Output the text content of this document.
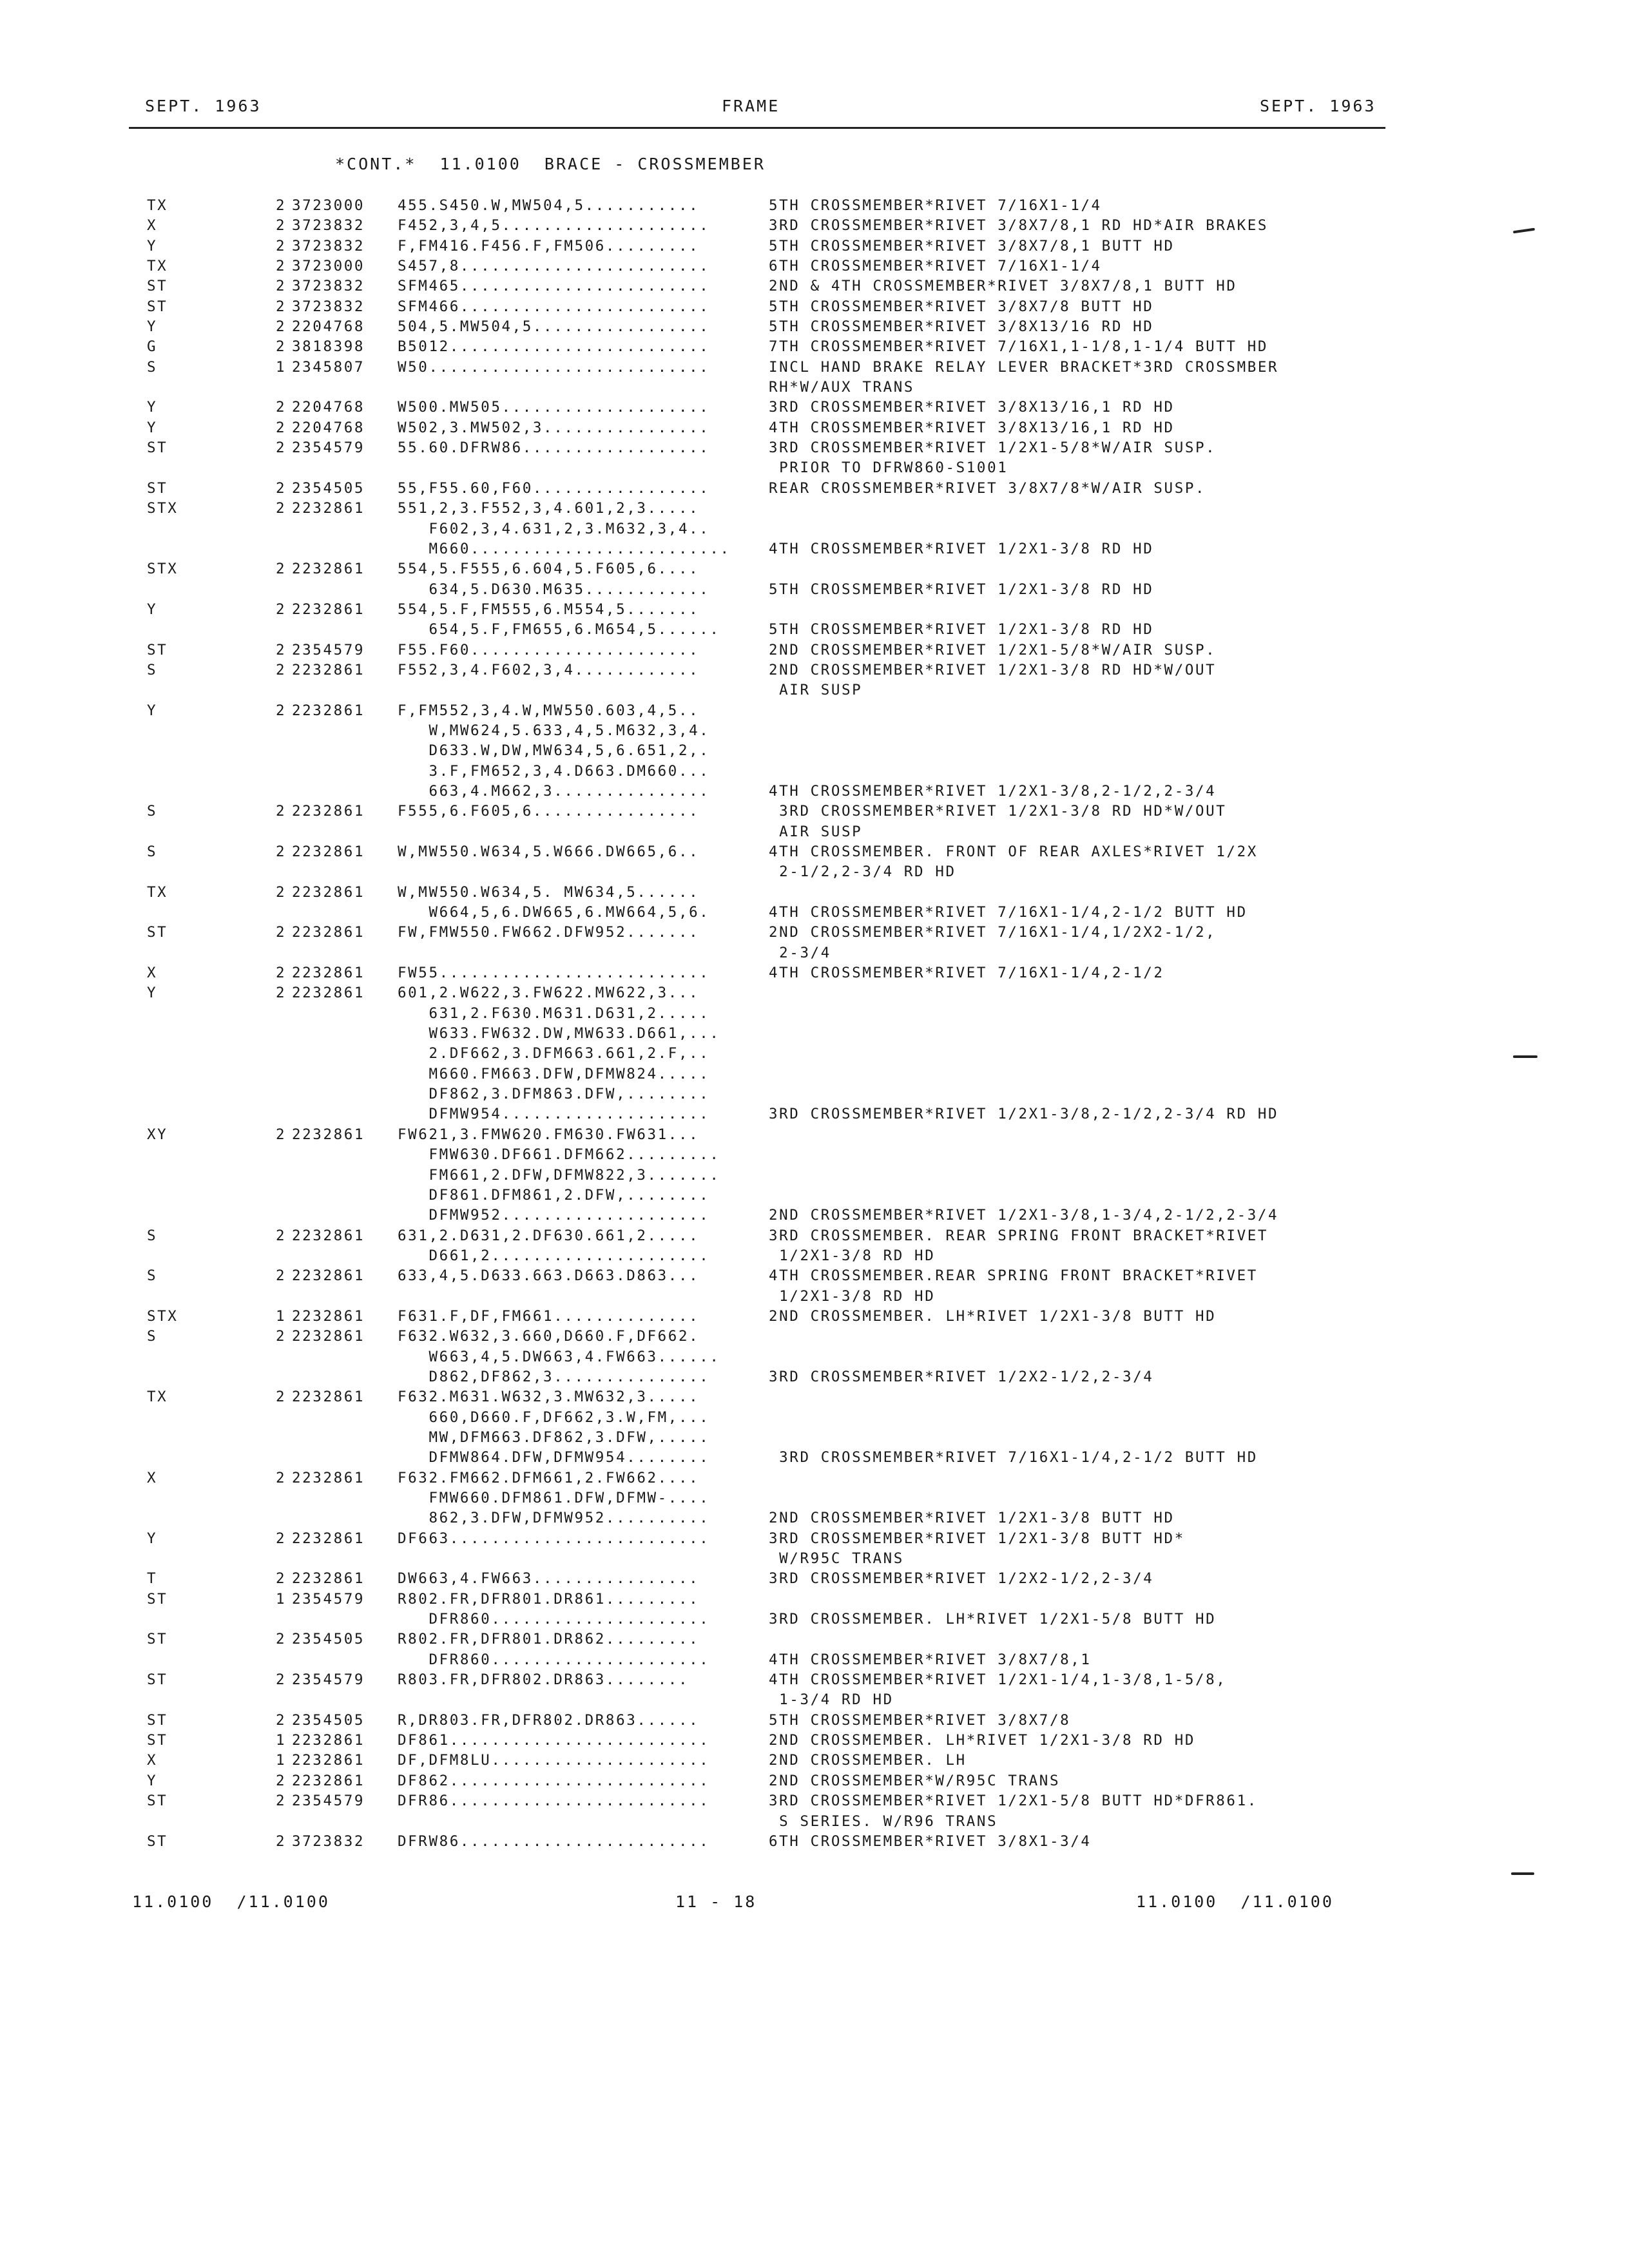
SEPT. 1963	FRAME	SEPT. 1963
*CONT.*  11.0100  BRACE - CROSSMEMBER
TX	2 3723000 455.S450.W,MW504,5...........	5TH CROSSMEMBER*RIVET 7/16X1-1/4
X	2 3723832 F452,3,4,5....................	3RD CROSSMEMBER*RIVET 3/8X7/8,1 RD HD*AIR BRAKES
Y	2 3723832 F,FM416.F456.F,FM506.........	5TH CROSSMEMBER*RIVET 3/8X7/8,1 BUTT HD
TX	2 3723000 S457,8........................	6TH CROSSMEMBER*RIVET 7/16X1-1/4
ST	2 3723832 SFM465........................	2ND & 4TH CROSSMEMBER*RIVET 3/8X7/8,1 BUTT HD
ST	2 3723832 SFM466........................	5TH CROSSMEMBER*RIVET 3/8X7/8 BUTT HD
Y	2 2204768 504,5.MW504,5.................	5TH CROSSMEMBER*RIVET 3/8X13/16 RD HD
G	2 3818398 B5012.........................	7TH CROSSMEMBER*RIVET 7/16X1,1-1/8,1-1/4 BUTT HD
S	1 2345807 W50...........................	INCL HAND BRAKE RELAY LEVER BRACKET*3RD CROSSMBER
RH*W/AUX TRANS
Y	2 2204768 W500.MW505....................	3RD CROSSMEMBER*RIVET 3/8X13/16,1 RD HD
Y	2 2204768 W502,3.MW502,3................	4TH CROSSMEMBER*RIVET 3/8X13/16,1 RD HD
ST	2 2354579 55.60.DFRW86..................	3RD CROSSMEMBER*RIVET 1/2X1-5/8*W/AIR SUSP.
PRIOR TO DFRW860-S1001
ST	2 2354505 55,F55.60,F60.................	REAR CROSSMEMBER*RIVET 3/8X7/8*W/AIR SUSP.
STX	2 2232861 551,2,3.F552,3,4.601,2,3.....
F602,3,4.631,2,3.M632,3,4..
M660.........................	4TH CROSSMEMBER*RIVET 1/2X1-3/8 RD HD
STX	2 2232861 554,5.F555,6.604,5.F605,6....
634,5.D630.M635............	5TH CROSSMEMBER*RIVET 1/2X1-3/8 RD HD
Y	2 2232861 554,5.F,FM555,6.M554,5.......
654,5.F,FM655,6.M654,5......	5TH CROSSMEMBER*RIVET 1/2X1-3/8 RD HD
ST	2 2354579 F55.F60......................	2ND CROSSMEMBER*RIVET 1/2X1-5/8*W/AIR SUSP.
S	2 2232861 F552,3,4.F602,3,4............	2ND CROSSMEMBER*RIVET 1/2X1-3/8 RD HD*W/OUT
AIR SUSP
Y	2 2232861 F,FM552,3,4.W,MW550.603,4,5..
W,MW624,5.633,4,5.M632,3,4.
D633.W,DW,MW634,5,6.651,2,.
3.F,FM652,3,4.D663.DM660...
663,4.M662,3...............	4TH CROSSMEMBER*RIVET 1/2X1-3/8,2-1/2,2-3/4
S	2 2232861 F555,6.F605,6................	3RD CROSSMEMBER*RIVET 1/2X1-3/8 RD HD*W/OUT
AIR SUSP
S	2 2232861 W,MW550.W634,5.W666.DW665,6..	4TH CROSSMEMBER. FRONT OF REAR AXLES*RIVET 1/2X
2-1/2,2-3/4 RD HD
TX	2 2232861 W,MW550.W634,5. MW634,5......
W664,5,6.DW665,6.MW664,5,6.	4TH CROSSMEMBER*RIVET 7/16X1-1/4,2-1/2 BUTT HD
ST	2 2232861 FW,FMW550.FW662.DFW952.......	2ND CROSSMEMBER*RIVET 7/16X1-1/4,1/2X2-1/2,
2-3/4
X	2 2232861 FW55..........................	4TH CROSSMEMBER*RIVET 7/16X1-1/4,2-1/2
Y	2 2232861 601,2.W622,3.FW622.MW622,3...
631,2.F630.M631.D631,2.....
W633.FW632.DW,MW633.D661,...
2.DF662,3.DFM663.661,2.F,..
M660.FM663.DFW,DFMW824.....
DF862,3.DFM863.DFW,........
DFMW954....................	3RD CROSSMEMBER*RIVET 1/2X1-3/8,2-1/2,2-3/4 RD HD
XY	2 2232861 FW621,3.FMW620.FM630.FW631...
FMW630.DF661.DFM662.........
FM661,2.DFW,DFMW822,3.......
DF861.DFM861,2.DFW,........
DFMW952....................	2ND CROSSMEMBER*RIVET 1/2X1-3/8,1-3/4,2-1/2,2-3/4
S	2 2232861 631,2.D631,2.DF630.661,2.....	3RD CROSSMEMBER. REAR SPRING FRONT BRACKET*RIVET
D661,2.....................	1/2X1-3/8 RD HD
S	2 2232861 633,4,5.D633.663.D663.D863...	4TH CROSSMEMBER.REAR SPRING FRONT BRACKET*RIVET
1/2X1-3/8 RD HD
STX	1 2232861 F631.F,DF,FM661..............	2ND CROSSMEMBER. LH*RIVET 1/2X1-3/8 BUTT HD
S	2 2232861 F632.W632,3.660,D660.F,DF662.
W663,4,5.DW663,4.FW663......
D862,DF862,3...............	3RD CROSSMEMBER*RIVET 1/2X2-1/2,2-3/4
TX	2 2232861 F632.M631.W632,3.MW632,3.....
660,D660.F,DF662,3.W,FM,...
MW,DFM663.DF862,3.DFW,.....
DFMW864.DFW,DFMW954........	3RD CROSSMEMBER*RIVET 7/16X1-1/4,2-1/2 BUTT HD
X	2 2232861 F632.FM662.DFM661,2.FW662....
FMW660.DFM861.DFW,DFMW-....
862,3.DFW,DFMW952..........	2ND CROSSMEMBER*RIVET 1/2X1-3/8 BUTT HD
Y	2 2232861 DF663.........................	3RD CROSSMEMBER*RIVET 1/2X1-3/8 BUTT HD*
W/R95C TRANS
T	2 2232861 DW663,4.FW663................	3RD CROSSMEMBER*RIVET 1/2X2-1/2,2-3/4
ST	1 2354579 R802.FR,DFR801.DR861.........
DFR860.....................	3RD CROSSMEMBER. LH*RIVET 1/2X1-5/8 BUTT HD
ST	2 2354505 R802.FR,DFR801.DR862.........
DFR860.....................	4TH CROSSMEMBER*RIVET 3/8X7/8,1
ST	2 2354579 R803.FR,DFR802.DR863........	4TH CROSSMEMBER*RIVET 1/2X1-1/4,1-3/8,1-5/8,
1-3/4 RD HD
ST	2 2354505 R,DR803.FR,DFR802.DR863......	5TH CROSSMEMBER*RIVET 3/8X7/8
ST	1 2232861 DF861.........................	2ND CROSSMEMBER. LH*RIVET 1/2X1-3/8 RD HD
X	1 2232861 DF,DFM8LU.....................	2ND CROSSMEMBER. LH
Y	2 2232861 DF862.........................	2ND CROSSMEMBER*W/R95C TRANS
ST	2 2354579 DFR86.........................	3RD CROSSMEMBER*RIVET 1/2X1-5/8 BUTT HD*DFR861.
S SERIES. W/R96 TRANS
ST	2 3723832 DFRW86........................	6TH CROSSMEMBER*RIVET 3/8X1-3/4
11.0100  /11.0100	11 - 18	11.0100  /11.0100
